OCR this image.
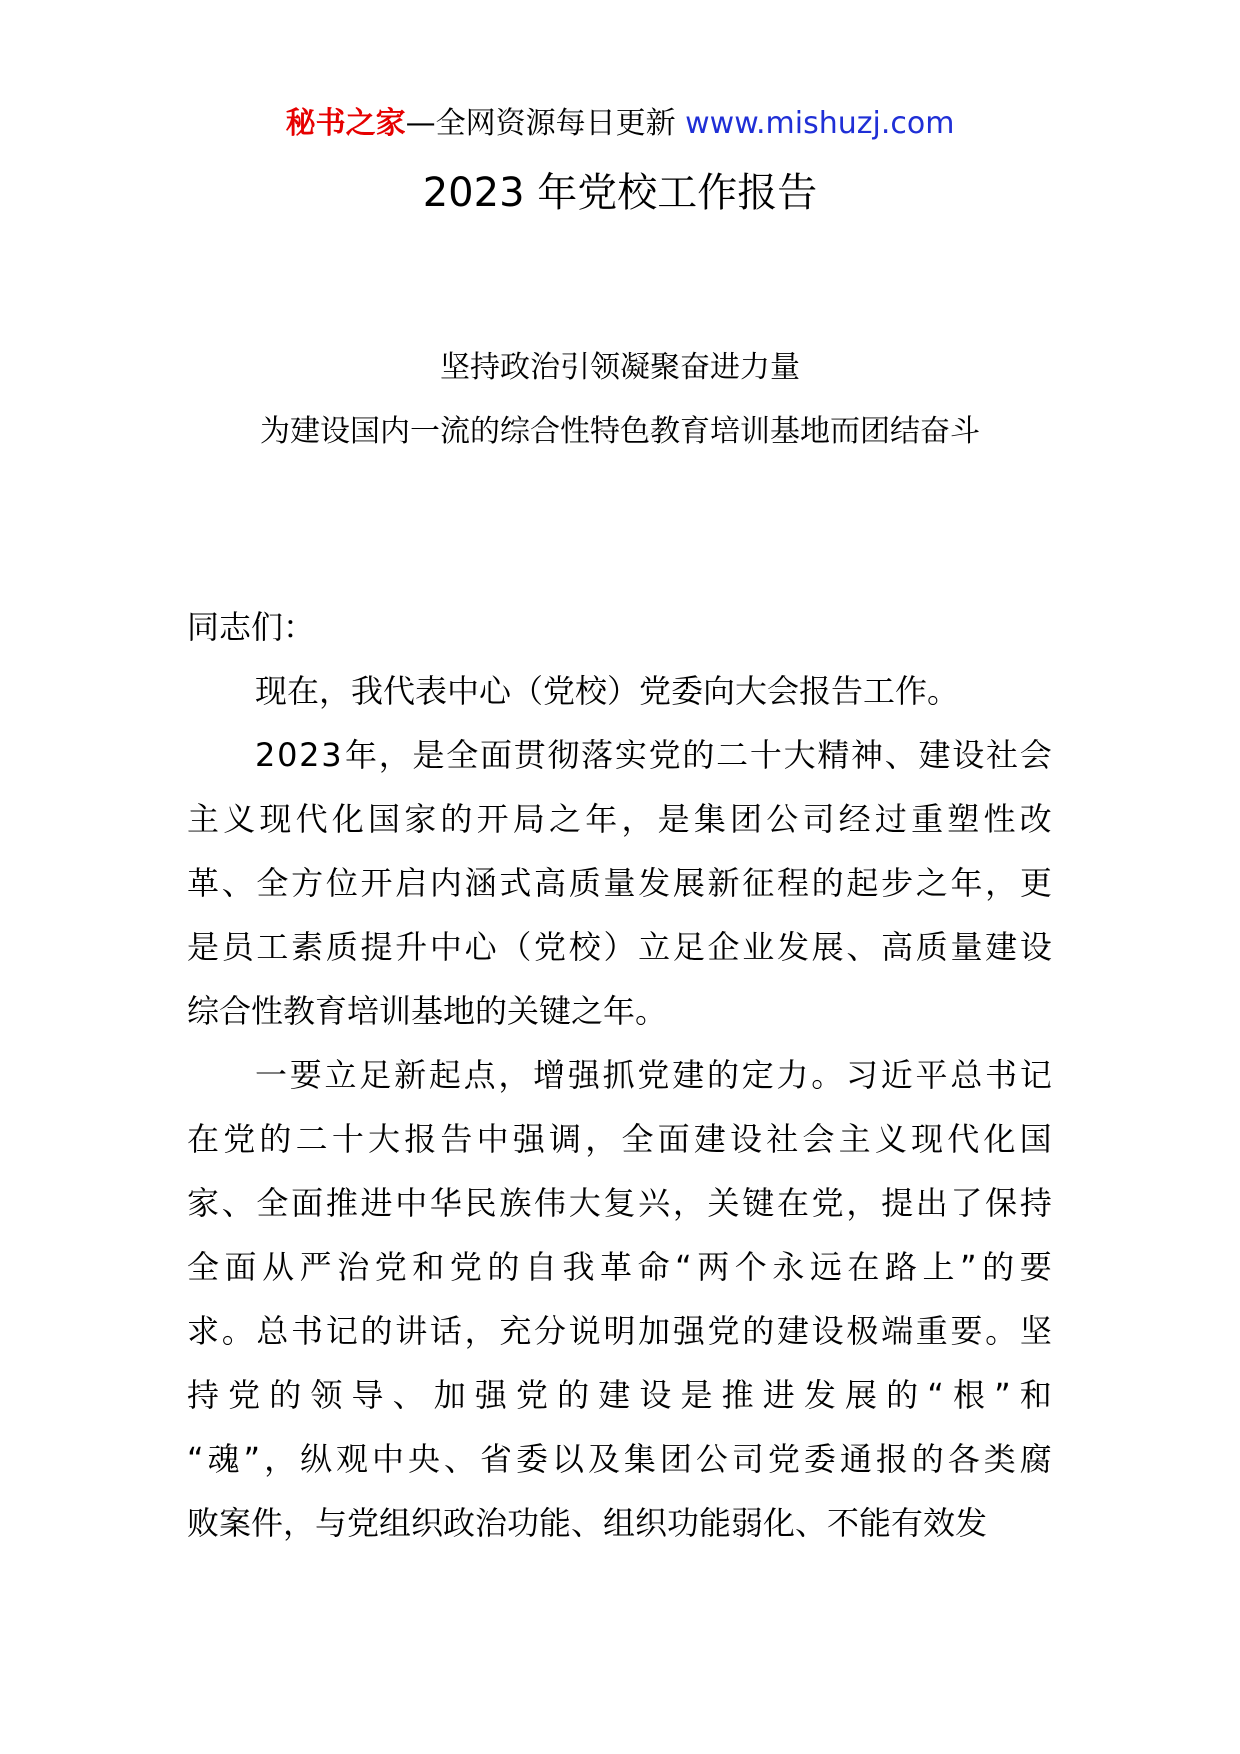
秘书之家—全网资源每日更新 www.mishuzj.com
2023 年党校工作报告
坚持政治引领凝聚奋进力量
为建设国内一流的综合性特色教育培训基地而团结奋斗
同志们：
现在，我代表中心（党校）党委向大会报告工作。
2 0 2 3 年 ， 是 全 面 贯 彻 落 实 党 的 二 十 大 精 神 、 建 设 社 会
主 义 现 代 化 国 家 的 开 局 之 年 ， 是 集 团 公 司 经 过 重 塑 性 改
革 、 全 方 位 开 启 内 涵 式 高 质 量 发 展 新 征 程 的 起 步 之 年 ， 更
是 员 工 素 质 提 升 中 心 （ 党 校 ） 立 足 企 业 发 展 、 高 质 量 建 设
综合性教育培训基地的关键之年。
一 要 立 足 新 起 点 ， 增 强 抓 党 建 的 定 力 。 习 近 平 总 书 记
在 党 的 二 十 大 报 告 中 强 调 ， 全 面 建 设 社 会 主 义 现 代 化 国
家 、 全 面 推 进 中 华 民 族 伟 大 复 兴 ， 关 键 在 党 ， 提 出 了 保 持
全 面 从 严 治 党 和 党 的 自 我 革 命 “ 两 个 永 远 在 路 上 ” 的 要
求 。 总 书 记 的 讲 话 ， 充 分 说 明 加 强 党 的 建 设 极 端 重 要 。 坚
持 党 的 领 导 、 加 强 党 的 建 设 是 推 进 发 展 的 “ 根 ” 和
“ 魂 ” ， 纵 观 中 央 、 省 委 以 及 集 团 公 司 党 委 通 报 的 各 类 腐
败案件，与党组织政治功能、组织功能弱化、不能有效发
